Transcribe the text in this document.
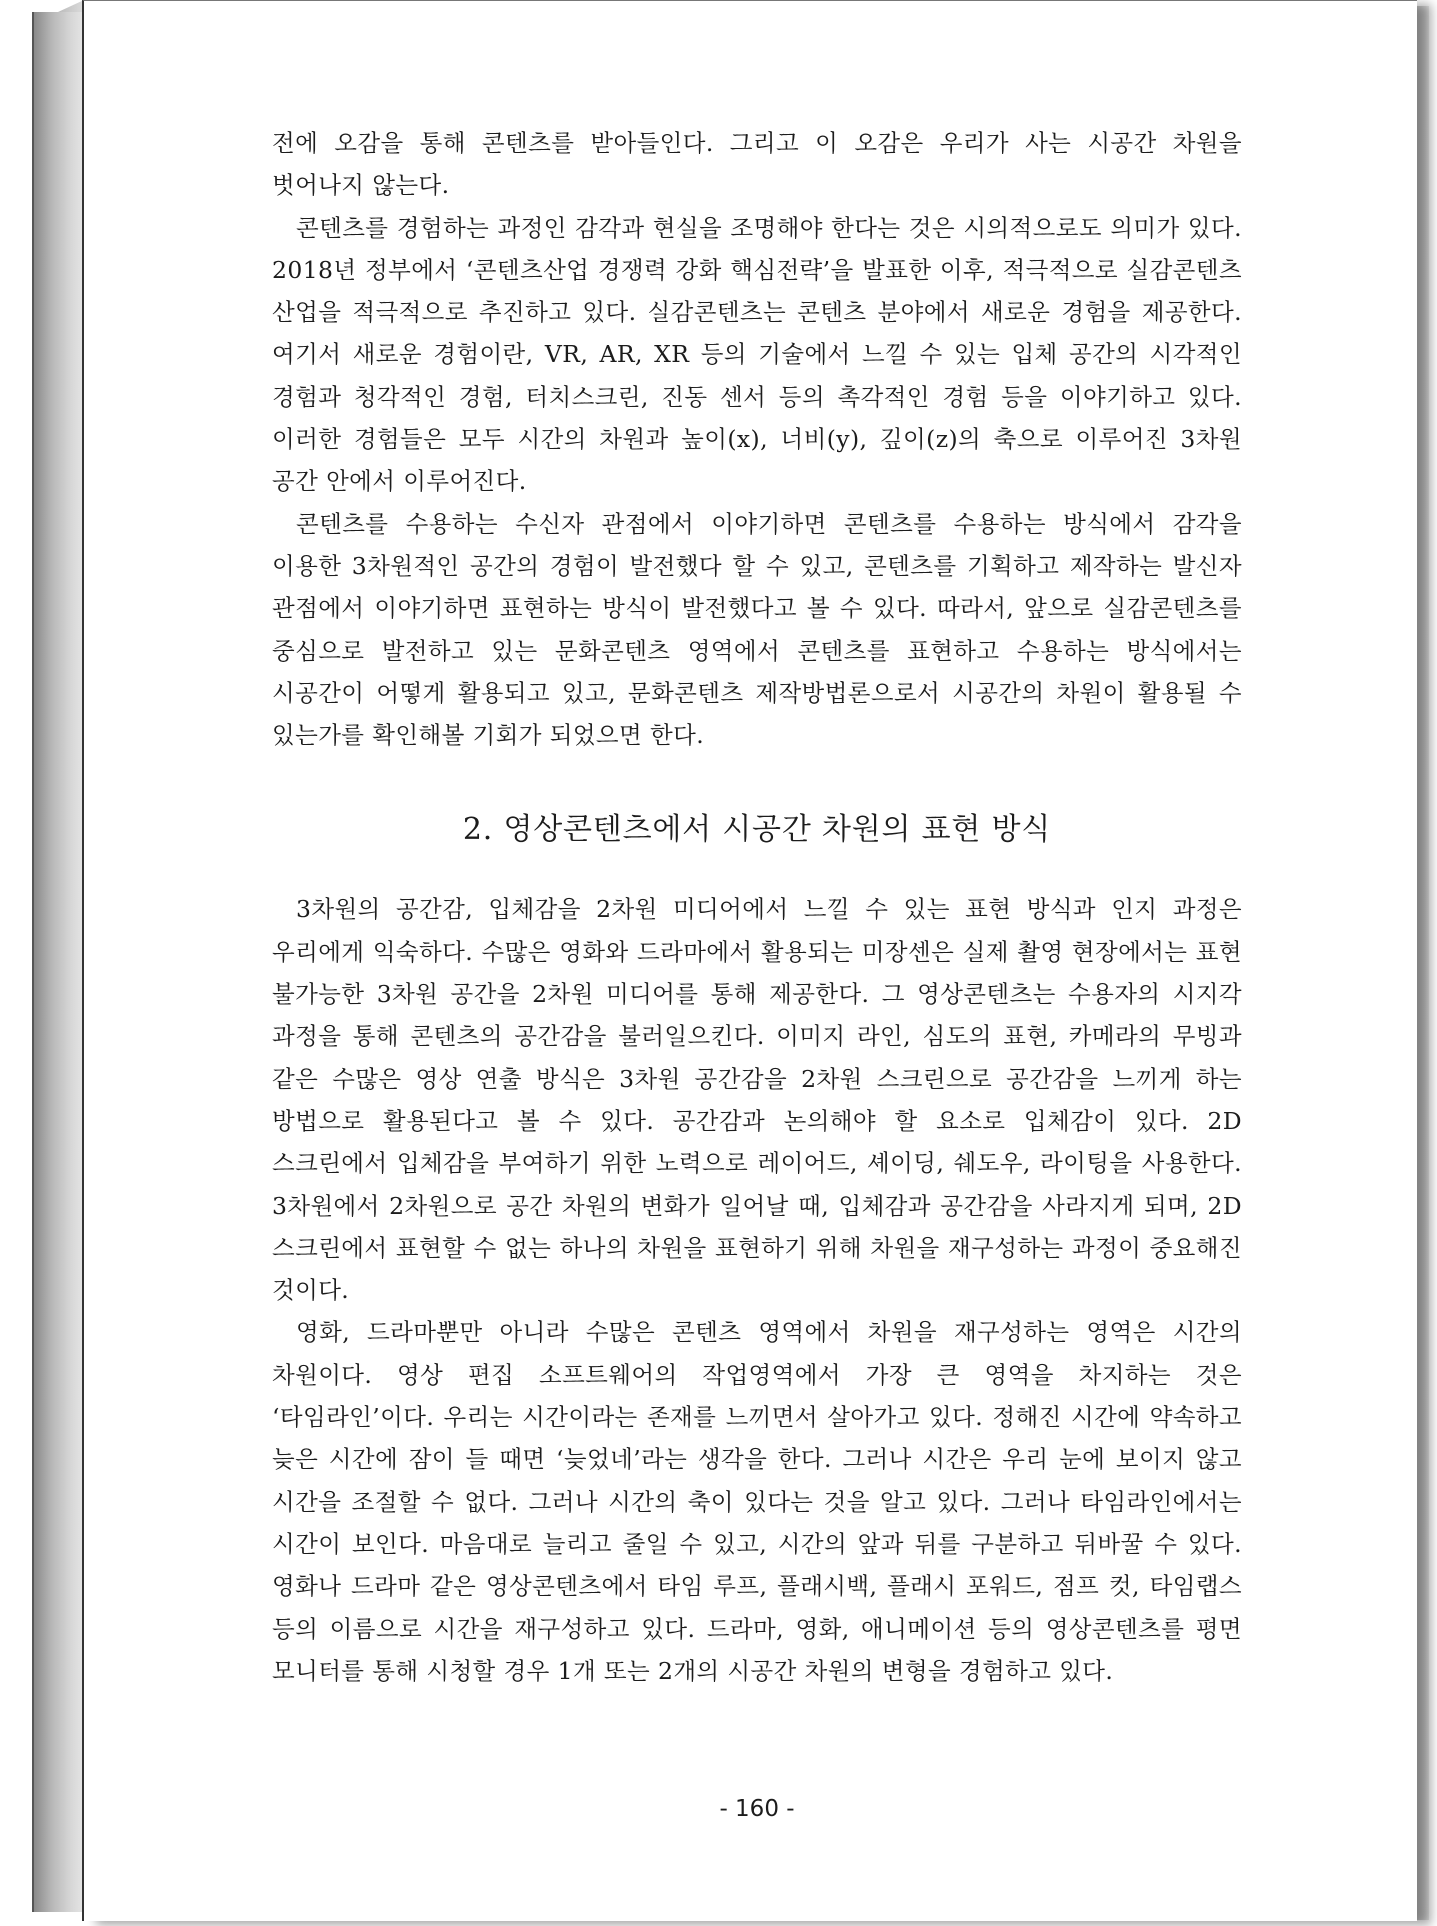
전에 오감을 통해 콘텐츠를 받아들인다. 그리고 이 오감은 우리가 사는 시공간 차원을 벗어나지 않는다.

콘텐츠를 경험하는 과정인 감각과 현실을 조명해야 한다는 것은 시의적으로도 의미가 있다. 2018년 정부에서 ‘콘텐츠산업 경쟁력 강화 핵심전략’을 발표한 이후, 적극적으로 실감콘텐츠 산업을 적극적으로 추진하고 있다. 실감콘텐츠는 콘텐츠 분야에서 새로운 경험을 제공한다. 여기서 새로운 경험이란, VR, AR, XR 등의 기술에서 느낄 수 있는 입체 공간의 시각적인 경험과 청각적인 경험, 터치스크린, 진동 센서 등의 촉각적인 경험 등을 이야기하고 있다. 이러한 경험들은 모두 시간의 차원과 높이(x), 너비(y), 깊이(z)의 축으로 이루어진 3차원 공간 안에서 이루어진다.

콘텐츠를 수용하는 수신자 관점에서 이야기하면 콘텐츠를 수용하는 방식에서 감각을 이용한 3차원적인 공간의 경험이 발전했다 할 수 있고, 콘텐츠를 기획하고 제작하는 발신자 관점에서 이야기하면 표현하는 방식이 발전했다고 볼 수 있다. 따라서, 앞으로 실감콘텐츠를 중심으로 발전하고 있는 문화콘텐츠 영역에서 콘텐츠를 표현하고 수용하는 방식에서는 시공간이 어떻게 활용되고 있고, 문화콘텐츠 제작방법론으로서 시공간의 차원이 활용될 수 있는가를 확인해볼 기회가 되었으면 한다.

2. 영상콘텐츠에서 시공간 차원의 표현 방식

3차원의 공간감, 입체감을 2차원 미디어에서 느낄 수 있는 표현 방식과 인지 과정은 우리에게 익숙하다. 수많은 영화와 드라마에서 활용되는 미장센은 실제 촬영 현장에서는 표현 불가능한 3차원 공간을 2차원 미디어를 통해 제공한다. 그 영상콘텐츠는 수용자의 시지각 과정을 통해 콘텐츠의 공간감을 불러일으킨다. 이미지 라인, 심도의 표현, 카메라의 무빙과 같은 수많은 영상 연출 방식은 3차원 공간감을 2차원 스크린으로 공간감을 느끼게 하는 방법으로 활용된다고 볼 수 있다. 공간감과 논의해야 할 요소로 입체감이 있다. 2D 스크린에서 입체감을 부여하기 위한 노력으로 레이어드, 셰이딩, 쉐도우, 라이팅을 사용한다. 3차원에서 2차원으로 공간 차원의 변화가 일어날 때, 입체감과 공간감을 사라지게 되며, 2D 스크린에서 표현할 수 없는 하나의 차원을 표현하기 위해 차원을 재구성하는 과정이 중요해진 것이다.

영화, 드라마뿐만 아니라 수많은 콘텐츠 영역에서 차원을 재구성하는 영역은 시간의 차원이다. 영상 편집 소프트웨어의 작업영역에서 가장 큰 영역을 차지하는 것은 ‘타임라인’이다. 우리는 시간이라는 존재를 느끼면서 살아가고 있다. 정해진 시간에 약속하고 늦은 시간에 잠이 들 때면 ‘늦었네’라는 생각을 한다. 그러나 시간은 우리 눈에 보이지 않고 시간을 조절할 수 없다. 그러나 시간의 축이 있다는 것을 알고 있다. 그러나 타임라인에서는 시간이 보인다. 마음대로 늘리고 줄일 수 있고, 시간의 앞과 뒤를 구분하고 뒤바꿀 수 있다. 영화나 드라마 같은 영상콘텐츠에서 타임 루프, 플래시백, 플래시 포워드, 점프 컷, 타임랩스 등의 이름으로 시간을 재구성하고 있다. 드라마, 영화, 애니메이션 등의 영상콘텐츠를 평면 모니터를 통해 시청할 경우 1개 또는 2개의 시공간 차원의 변형을 경험하고 있다.

- 160 -
